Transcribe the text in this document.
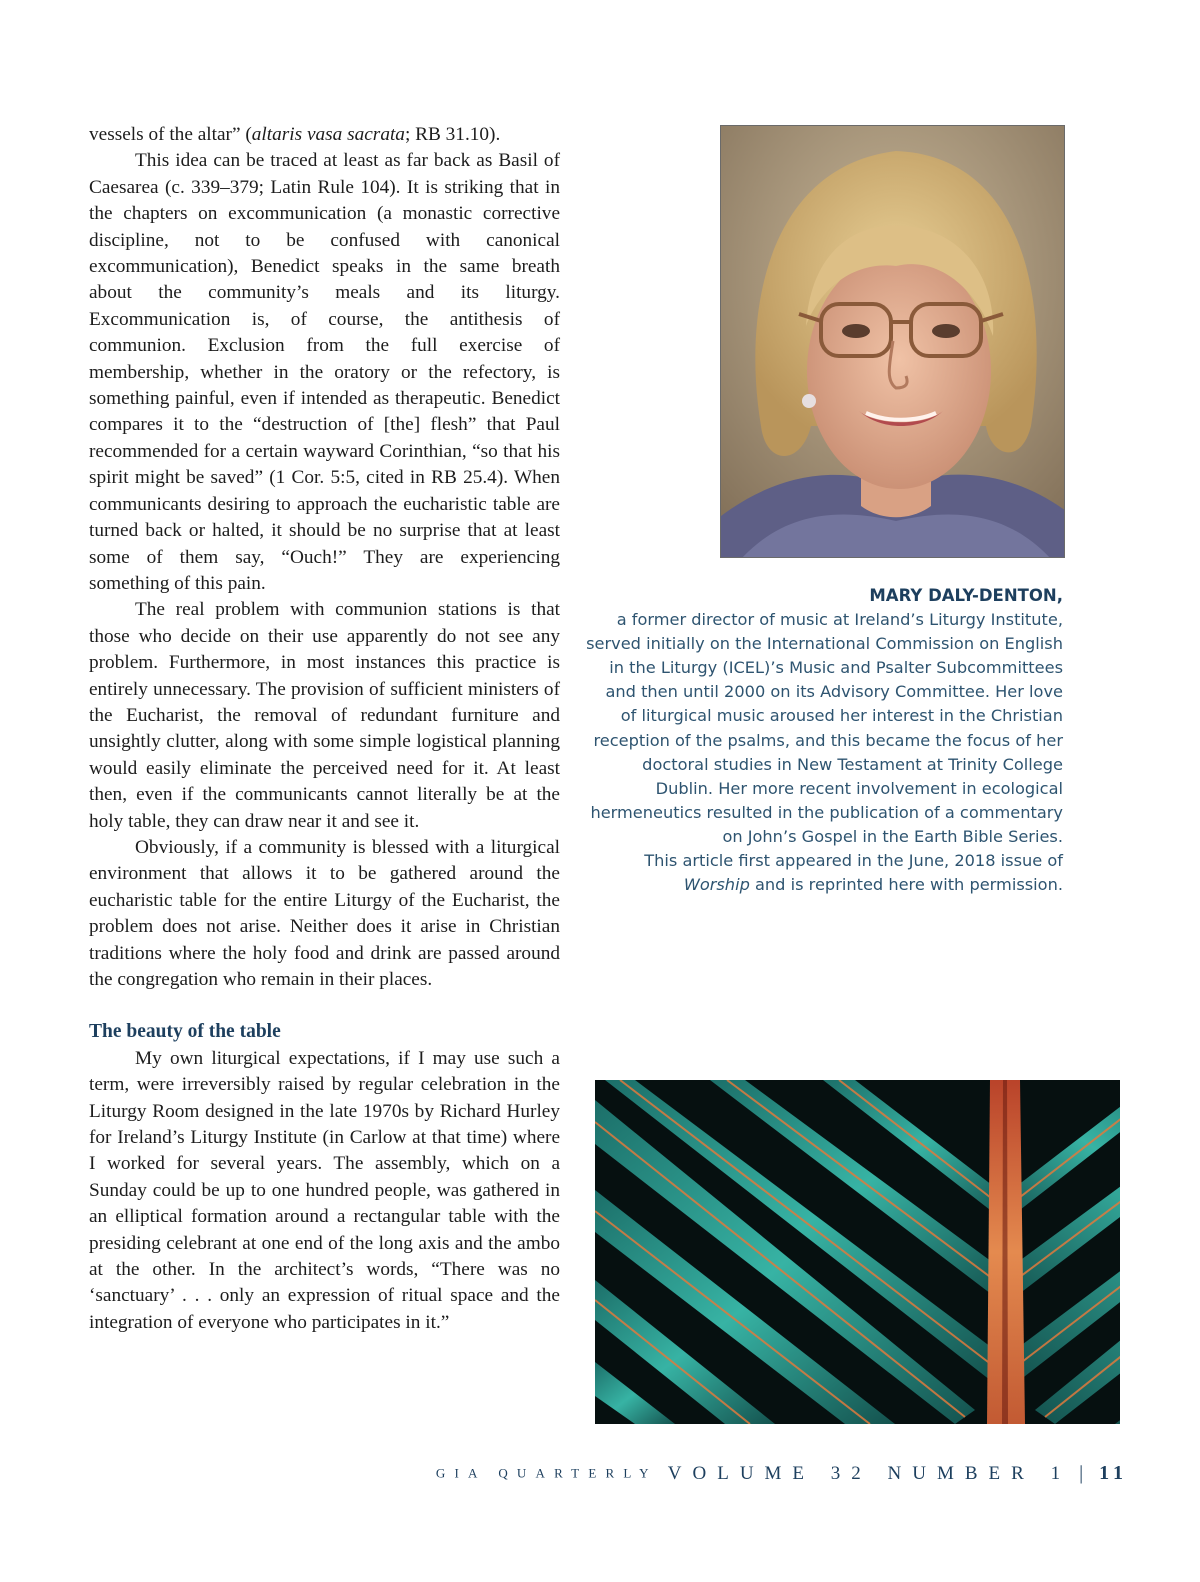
vessels of the altar” (altaris vasa sacrata; RB 31.10).

This idea can be traced at least as far back as Basil of Caesarea (c. 339–379; Latin Rule 104). It is striking that in the chapters on excommunication (a monastic corrective discipline, not to be confused with canonical excommunication), Benedict speaks in the same breath about the community’s meals and its liturgy. Excommunication is, of course, the antithesis of communion. Exclusion from the full exercise of membership, whether in the oratory or the refectory, is something painful, even if intended as therapeutic. Benedict compares it to the “destruction of [the] flesh” that Paul recommended for a certain wayward Corinthian, “so that his spirit might be saved” (1 Cor. 5:5, cited in RB 25.4). When communicants desiring to approach the eucharistic table are turned back or halted, it should be no surprise that at least some of them say, “Ouch!” They are experiencing something of this pain.

The real problem with communion stations is that those who decide on their use apparently do not see any problem. Furthermore, in most instances this practice is entirely unnecessary. The provision of sufficient ministers of the Eucharist, the removal of redundant furniture and unsightly clutter, along with some simple logistical planning would easily eliminate the perceived need for it. At least then, even if the communicants cannot literally be at the holy table, they can draw near it and see it.

Obviously, if a community is blessed with a liturgical environment that allows it to be gathered around the eucharistic table for the entire Liturgy of the Eucharist, the problem does not arise. Neither does it arise in Christian traditions where the holy food and drink are passed around the congregation who remain in their places.

The beauty of the table

My own liturgical expectations, if I may use such a term, were irreversibly raised by regular celebration in the Liturgy Room designed in the late 1970s by Richard Hurley for Ireland’s Liturgy Institute (in Carlow at that time) where I worked for several years. The assembly, which on a Sunday could be up to one hundred people, was gathered in an elliptical formation around a rectangular table with the presiding celebrant at one end of the long axis and the ambo at the other. In the architect’s words, “There was no ‘sanctuary’ . . . only an expression of ritual space and the integration of everyone who participates in it.”

MARY DALY-DENTON,

a former director of music at Ireland’s Liturgy Institute, served initially on the International Commission on English in the Liturgy (ICEL)’s Music and Psalter Subcommittees and then until 2000 on its Advisory Committee. Her love of liturgical music aroused her interest in the Christian reception of the psalms, and this became the focus of her doctoral studies in New Testament at Trinity College Dublin. Her more recent involvement in ecological hermeneutics resulted in the publication of a commentary on John’s Gospel in the Earth Bible Series.

This article first appeared in the June, 2018 issue of Worship and is reprinted here with permission.

GIA QUARTERLY VOLUME 32 NUMBER 1 | 11
